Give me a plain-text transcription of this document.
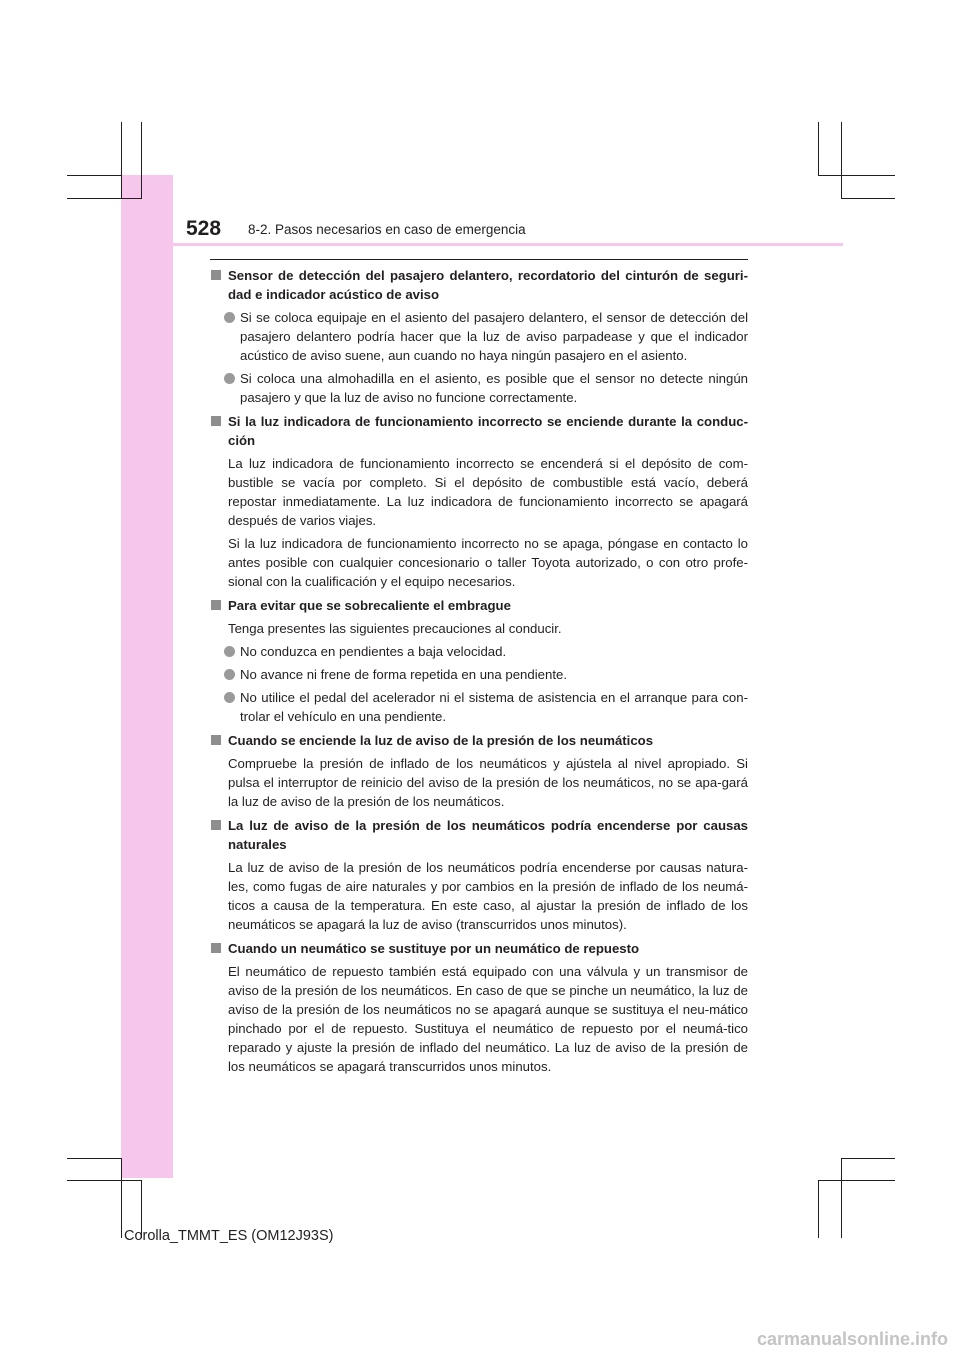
528 8-2. Pasos necesarios en caso de emergencia
Sensor de detección del pasajero delantero, recordatorio del cinturón de seguri-dad e indicador acústico de aviso
Si se coloca equipaje en el asiento del pasajero delantero, el sensor de detección del pasajero delantero podría hacer que la luz de aviso parpadease y que el indicador acústico de aviso suene, aun cuando no haya ningún pasajero en el asiento.
Si coloca una almohadilla en el asiento, es posible que el sensor no detecte ningún pasajero y que la luz de aviso no funcione correctamente.
Si la luz indicadora de funcionamiento incorrecto se enciende durante la conduc-ción
La luz indicadora de funcionamiento incorrecto se encenderá si el depósito de com-bustible se vacía por completo. Si el depósito de combustible está vacío, deberá repostar inmediatamente. La luz indicadora de funcionamiento incorrecto se apagará después de varios viajes.
Si la luz indicadora de funcionamiento incorrecto no se apaga, póngase en contacto lo antes posible con cualquier concesionario o taller Toyota autorizado, o con otro profe-sional con la cualificación y el equipo necesarios.
Para evitar que se sobrecaliente el embrague
Tenga presentes las siguientes precauciones al conducir.
No conduzca en pendientes a baja velocidad.
No avance ni frene de forma repetida en una pendiente.
No utilice el pedal del acelerador ni el sistema de asistencia en el arranque para con-trolar el vehículo en una pendiente.
Cuando se enciende la luz de aviso de la presión de los neumáticos
Compruebe la presión de inflado de los neumáticos y ajústela al nivel apropiado. Si pulsa el interruptor de reinicio del aviso de la presión de los neumáticos, no se apa-gará la luz de aviso de la presión de los neumáticos.
La luz de aviso de la presión de los neumáticos podría encenderse por causas naturales
La luz de aviso de la presión de los neumáticos podría encenderse por causas natura-les, como fugas de aire naturales y por cambios en la presión de inflado de los neumá-ticos a causa de la temperatura. En este caso, al ajustar la presión de inflado de los neumáticos se apagará la luz de aviso (transcurridos unos minutos).
Cuando un neumático se sustituye por un neumático de repuesto
El neumático de repuesto también está equipado con una válvula y un transmisor de aviso de la presión de los neumáticos. En caso de que se pinche un neumático, la luz de aviso de la presión de los neumáticos no se apagará aunque se sustituya el neu-mático pinchado por el de repuesto. Sustituya el neumático de repuesto por el neumá-tico reparado y ajuste la presión de inflado del neumático. La luz de aviso de la presión de los neumáticos se apagará transcurridos unos minutos.
Corolla_TMMT_ES (OM12J93S)
carmanualsonline.info
